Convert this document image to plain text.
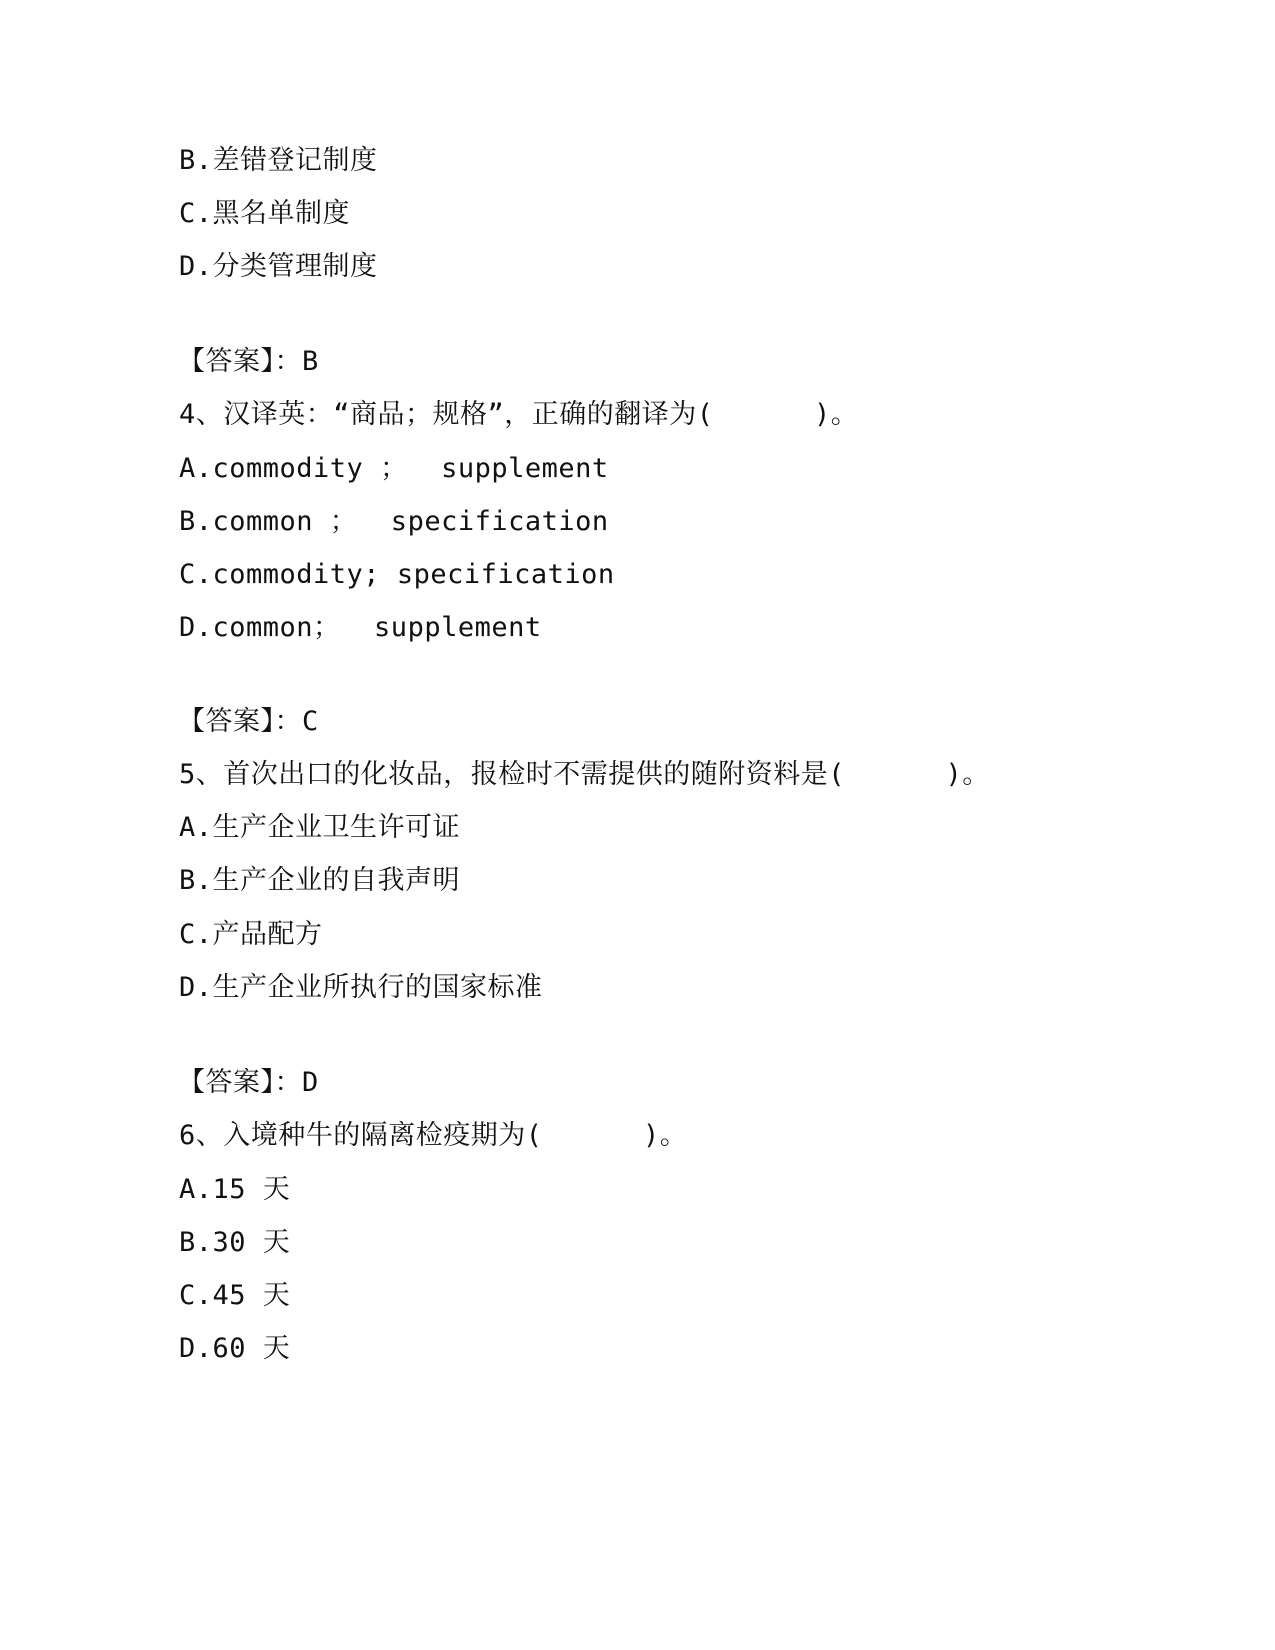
B.差错登记制度
C.黑名单制度
D.分类管理制度
【答案】：B
4、汉译英：“商品；规格”，正确的翻译为(      )。
A.commodity ；  supplement
B.common ；  specification
C.commodity; specification
D.common；  supplement
【答案】：C
5、首次出口的化妆品，报检时不需提供的随附资料是(      )。
A.生产企业卫生许可证
B.生产企业的自我声明
C.产品配方
D.生产企业所执行的国家标准
【答案】：D
6、入境种牛的隔离检疫期为(      )。
A.15 天
B.30 天
C.45 天
D.60 天
